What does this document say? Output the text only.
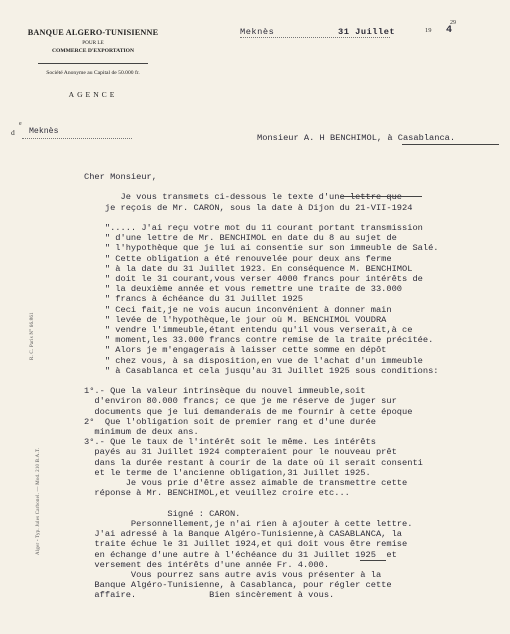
BANQUE ALGERO-TUNISIENNE
POUR LE
COMMERCE D'EXPORTATION
Société Anonyme au Capital de 50.000 fr.
AGENCE
Meknès	31 Juillet	19
29
4
d
e
Meknès
Monsieur A. H BENCHIMOL, à Casablanca.
Cher Monsieur,

Je vous transmets ci-dessous le texte d'une lettre que
je reçois de Mr. CARON, sous la date à Dijon du 21-VII-1924

"..... J'ai reçu votre mot du 11 courant portant transmission
" d'une lettre de Mr. BENCHIMOL en date du 8 au sujet de
" l'hypothèque que je lui ai consentie sur son immeuble de Salé.
" Cette obligation a été renouvelée pour deux ans ferme
" à la date du 31 Juillet 1923. En conséquence M. BENCHIMOL
" doit le 31 courant,vous verser 4000 francs pour intérêts de
" la deuxième année et vous remettre une traite de 33.000
" francs à échéance du 31 Juillet 1925
" Ceci fait,je ne vois aucun inconvénient à donner main
" levée de l'hypothèque,le jour où M. BENCHIMOL VOUDRA
" vendre l'immeuble,étant entendu qu'il vous verserait,à ce
" moment,les 33.000 francs contre remise de la traite précitée.
" Alors je m'engagerais à laisser cette somme en dépôt
" chez vous, à sa disposition,en vue de l'achat d'un immeuble
" à Casablanca et cela jusqu'au 31 Juillet 1925 sous conditions:

1°.- Que la valeur intrinsèque du nouvel immeuble,soit
d'environ 80.000 francs; ce que je me réserve de juger sur
documents que je lui demanderais de me fournir à cette époque
2°  Que l'obligation soit de premier rang et d'une durée
minimum de deux ans.
3°.- Que le taux de l'intérêt soit le même. Les intérêts
payés au 31 Juillet 1924 compteraient pour le nouveau prêt
dans la durée restant à courir de la date où il serait consenti
et le terme de l'ancienne obligation,31 Juillet 1925.
Je vous prie d'être assez aimable de transmettre cette
réponse à Mr. BENCHIMOL,et veuillez croire etc...

Signé : CARON.
Personnellement,je n'ai rien à ajouter à cette lettre.
J'ai adressé à la Banque Algéro-Tunisienne,à CASABLANCA, la
traite échue le 31 Juillet 1924,et qui doit vous être remise
en échange d'une autre à l'échéance du 31 Juillet 1925  et
versement des intérêts d'une année Fr. 4.000.
Vous pourrez sans autre avis vous présenter à la
Banque Algéro-Tunisienne, à Casablanca, pour régler cette
affaire.              Bien sincèrement à vous.
R. C. Paris N° 66.861
Alger - Typ. Jules Carbonel. — Mod. 210 B.A.T.
